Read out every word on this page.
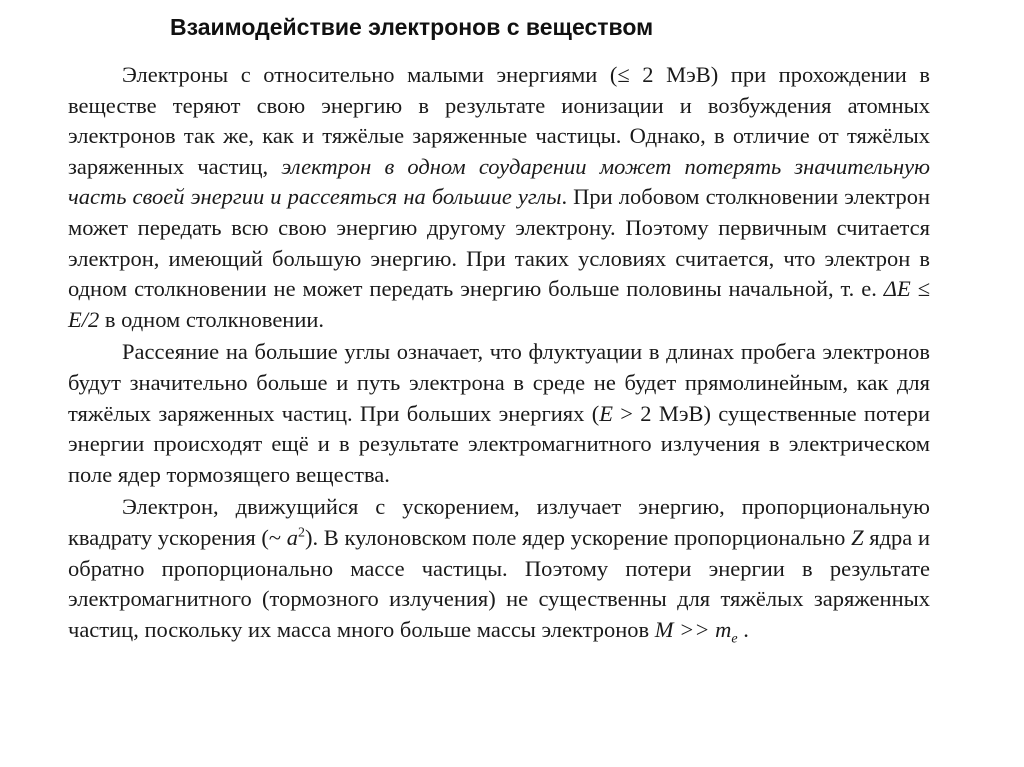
Взаимодействие электронов с веществом

Электроны с относительно малыми энергиями (≤ 2 МэВ) при прохождении в веществе теряют свою энергию в результате ионизации и возбуждения атомных электронов так же, как и тяжёлые заряженные частицы. Однако, в отличие от тяжёлых заряженных частиц, электрон в одном соударении может потерять значительную часть своей энергии и рассеяться на большие углы. При лобовом столкновении электрон может передать всю свою энергию другому электрону. Поэтому первичным считается электрон, имеющий большую энергию. При таких условиях считается, что электрон в одном столкновении не может передать энергию больше половины начальной, т. е. ΔE ≤ E/2 в одном столкновении.

Рассеяние на большие углы означает, что флуктуации в длинах пробега электронов будут значительно больше и путь электрона в среде не будет прямолинейным, как для тяжёлых заряженных частиц. При больших энергиях (E > 2 МэВ) существенные потери энергии происходят ещё и в результате электромагнитного излучения в электрическом поле ядер тормозящего вещества.

Электрон, движущийся с ускорением, излучает энергию, пропорциональную квадрату ускорения (~ $a^2$). В кулоновском поле ядер ускорение пропорционально Z ядра и обратно пропорционально массе частицы. Поэтому потери энергии в результате электромагнитного (тормозного излучения) не существенны для тяжёлых заряженных частиц, поскольку их масса много больше массы электронов $M >> m_e$ .
